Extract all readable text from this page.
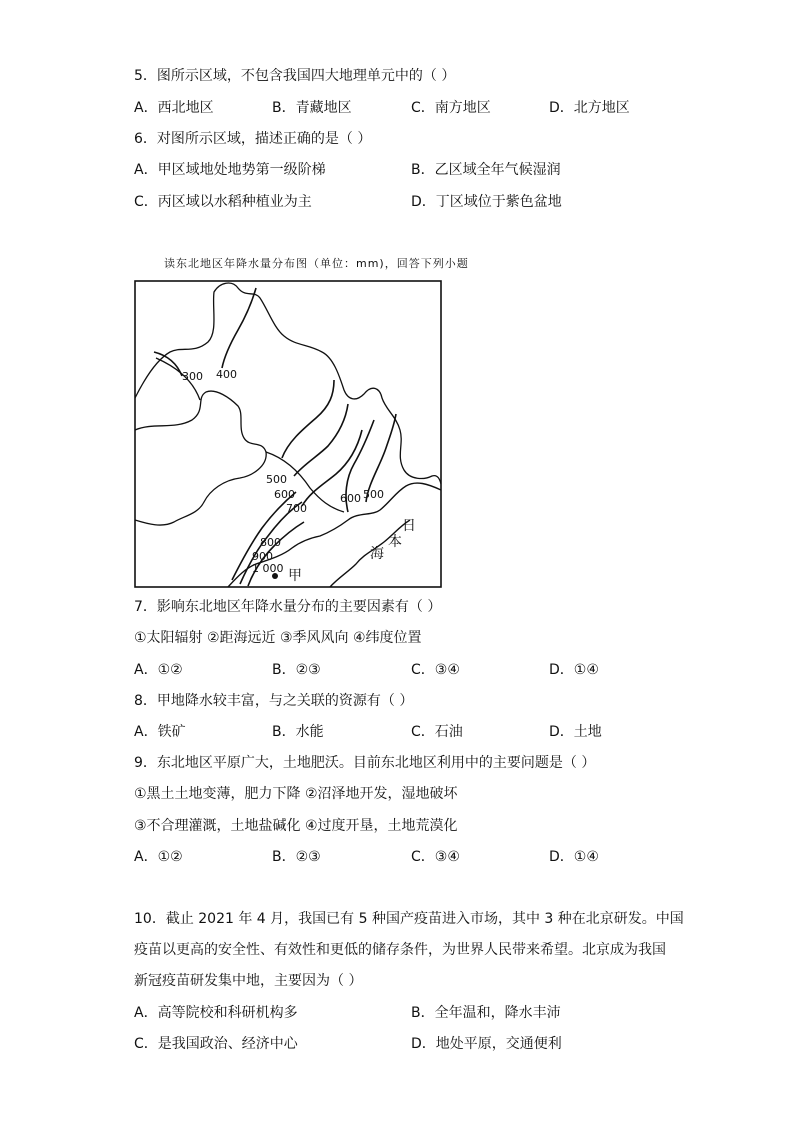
5．图所示区域，不包含我国四大地理单元中的（ ）
A．西北地区	B．青藏地区	C．南方地区	D．北方地区
6．对图所示区域，描述正确的是（ ）
A．甲区域地处地势第一级阶梯	B．乙区域全年气候湿润
C．丙区域以水稻种植业为主	D．丁区域位于紫色盆地
读东北地区年降水量分布图（单位：mm)，回答下列小题
300 400
500
600
700
600 500
800
900
1 000 甲
日
本
海
7．影响东北地区年降水量分布的主要因素有（ ）
①太阳辐射 ②距海远近 ③季风风向 ④纬度位置
A．①②	B．②③	C．③④	D．①④
8．甲地降水较丰富，与之关联的资源有（ ）
A．铁矿	B．水能	C．石油	D．土地
9．东北地区平原广大，土地肥沃。目前东北地区利用中的主要问题是（ ）
①黑土土地变薄，肥力下降 ②沼泽地开发，湿地破坏
③不合理灌溉，土地盐碱化 ④过度开垦，土地荒漠化
A．①②	B．②③	C．③④	D．①④
10．截止 2021 年 4 月，我国已有 5 种国产疫苗进入市场，其中 3 种在北京研发。中国
疫苗以更高的安全性、有效性和更低的储存条件，为世界人民带来希望。北京成为我国
新冠疫苗研发集中地，主要因为（ ）
A．高等院校和科研机构多	B．全年温和，降水丰沛
C．是我国政治、经济中心	D．地处平原，交通便利
